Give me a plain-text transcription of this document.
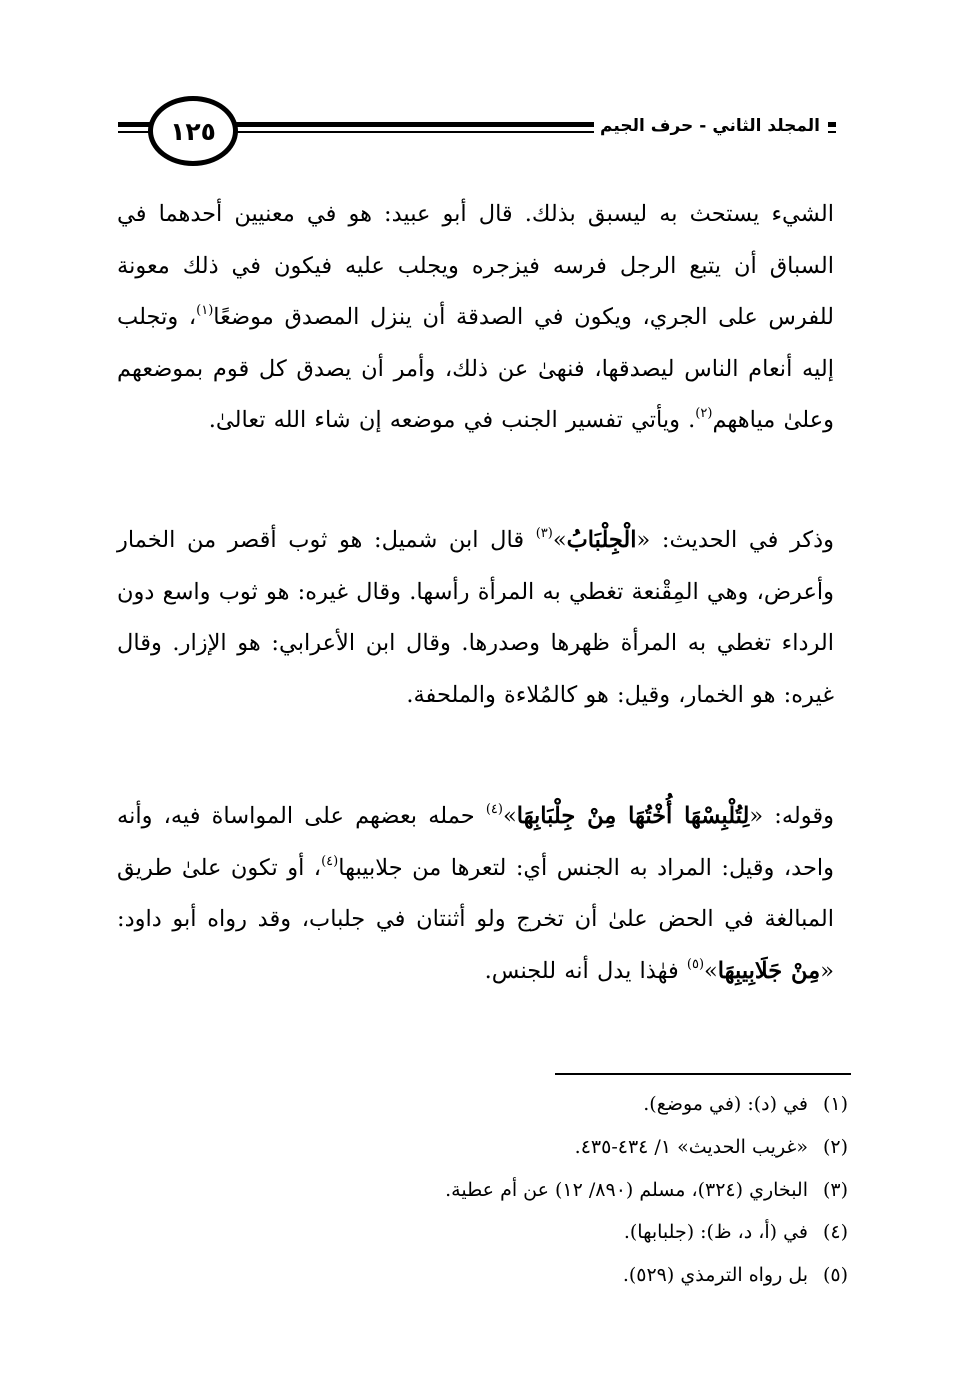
١٢٥	المجلد الثاني-حرف الجيم

الشيء يستحث به ليسبق بذلك. قال أبو عبيد: هو في معنيين أحدهما في السباق أن يتبع الرجل فرسه فيزجره ويجلب عليه فيكون في ذلك معونة للفرس على الجري، ويكون في الصدقة أن ينزل المصدق موضعًا$^{(١)}$، وتجلب إليه أنعام الناس ليصدقها، فنهىٰ عن ذلك، وأمر أن يصدق كل قوم بموضعهم وعلىٰ مياههم$^{(٢)}$. ويأتي تفسير الجنب في موضعه إن شاء الله تعالىٰ.

وذكر في الحديث: «الْجِلْبَابُ»$^{(٣)}$ قال ابن شميل: هو ثوب أقصر من الخمار وأعرض، وهي المِقْنعة تغطي به المرأة رأسها. وقال غيره: هو ثوب واسع دون الرداء تغطي به المرأة ظهرها وصدرها. وقال ابن الأعرابي: هو الإزار. وقال غيره: هو الخمار، وقيل: هو كالمُلاءة والملحفة.

وقوله: «لِتُلْبِسْهَا أُخْتُهَا مِنْ جِلْبَابِهَا»$^{(٤)}$ حمله بعضهم على المواساة فيه، وأنه واحد، وقيل: المراد به الجنس أي: لتعرها من جلابيبها$^{(٤)}$، أو تكون علىٰ طريق المبالغة في الحض علىٰ أن تخرج ولو أثنتان في جلباب، وقد رواه أبو داود: «مِنْ جَلَابِيبِهَا»$^{(٥)}$ فهٰذا يدل أنه للجنس.

(١)في (د): (في موضع).
(٢)«غريب الحديث» ١/ ٤٣٤-٤٣٥.
(٣)البخاري (٣٢٤)، مسلم (٨٩٠/ ١٢) عن أم عطية.
(٤)في (أ، د، ظ): (جلبابها).
(٥)بل رواه الترمذي (٥٢٩).
